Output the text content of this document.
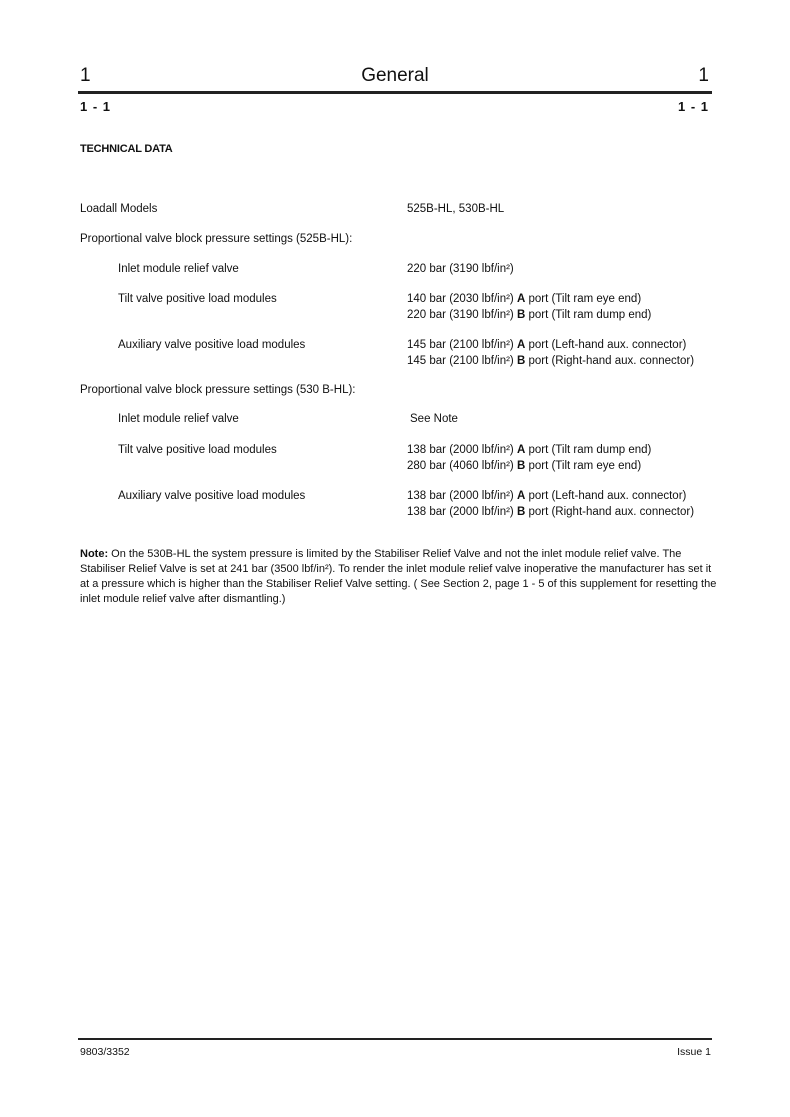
1	General	1
1 - 1	1 - 1
TECHNICAL DATA
Loadall Models	525B-HL, 530B-HL
Proportional valve block pressure settings (525B-HL):
Inlet module relief valve	220 bar (3190 lbf/in²)
Tilt valve positive load modules	140 bar (2030 lbf/in²) A port (Tilt ram eye end)
220 bar (3190 lbf/in²) B port (Tilt ram dump end)
Auxiliary valve positive load modules	145 bar (2100 lbf/in²) A port (Left-hand aux. connector)
145 bar (2100 lbf/in²) B port (Right-hand aux. connector)
Proportional valve block pressure settings (530 B-HL):
Inlet module relief valve	See Note
Tilt valve positive load modules	138 bar (2000 lbf/in²) A port (Tilt ram dump end)
280 bar (4060 lbf/in²) B port (Tilt ram eye end)
Auxiliary valve positive load modules	138 bar (2000 lbf/in²) A port (Left-hand aux. connector)
138 bar (2000 lbf/in²) B port (Right-hand aux. connector)
Note: On the 530B-HL the system pressure is limited by the Stabiliser Relief Valve and not the inlet module relief valve. The Stabiliser Relief Valve is set at 241 bar (3500 lbf/in²). To render the inlet module relief valve inoperative the manufacturer has set it at a pressure which is higher than the Stabiliser Relief Valve setting. ( See Section 2, page 1 - 5 of this supplement for resetting the inlet module relief valve after dismantling.)
9803/3352	Issue 1
